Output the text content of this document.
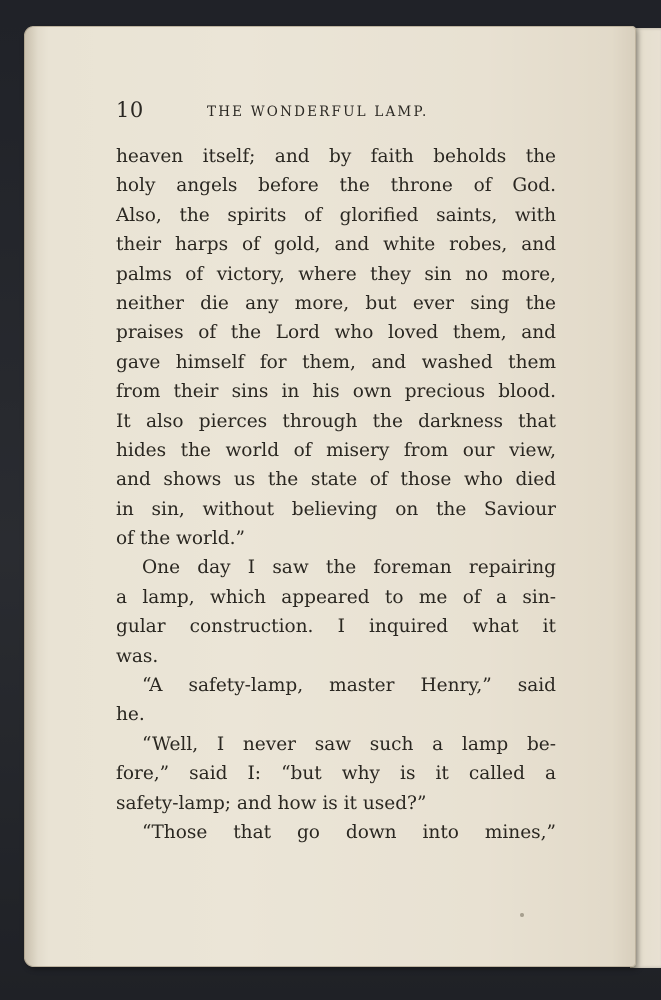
10	THE WONDERFUL LAMP.
heaven itself; and by faith beholds the
holy angels before the throne of God.
Also, the spirits of glorified saints, with
their harps of gold, and white robes, and
palms of victory, where they sin no more,
neither die any more, but ever sing the
praises of the Lord who loved them, and
gave himself for them, and washed them
from their sins in his own precious blood.
It also pierces through the darkness that
hides the world of misery from our view,
and shows us the state of those who died
in sin, without believing on the Saviour
of the world.”
One day I saw the foreman repairing
a lamp, which appeared to me of a sin-
gular construction. I inquired what it
was.
“A safety-lamp, master Henry,” said
he.
“Well, I never saw such a lamp be-
fore,” said I: “but why is it called a
safety-lamp; and how is it used?”
“Those that go down into mines,”
